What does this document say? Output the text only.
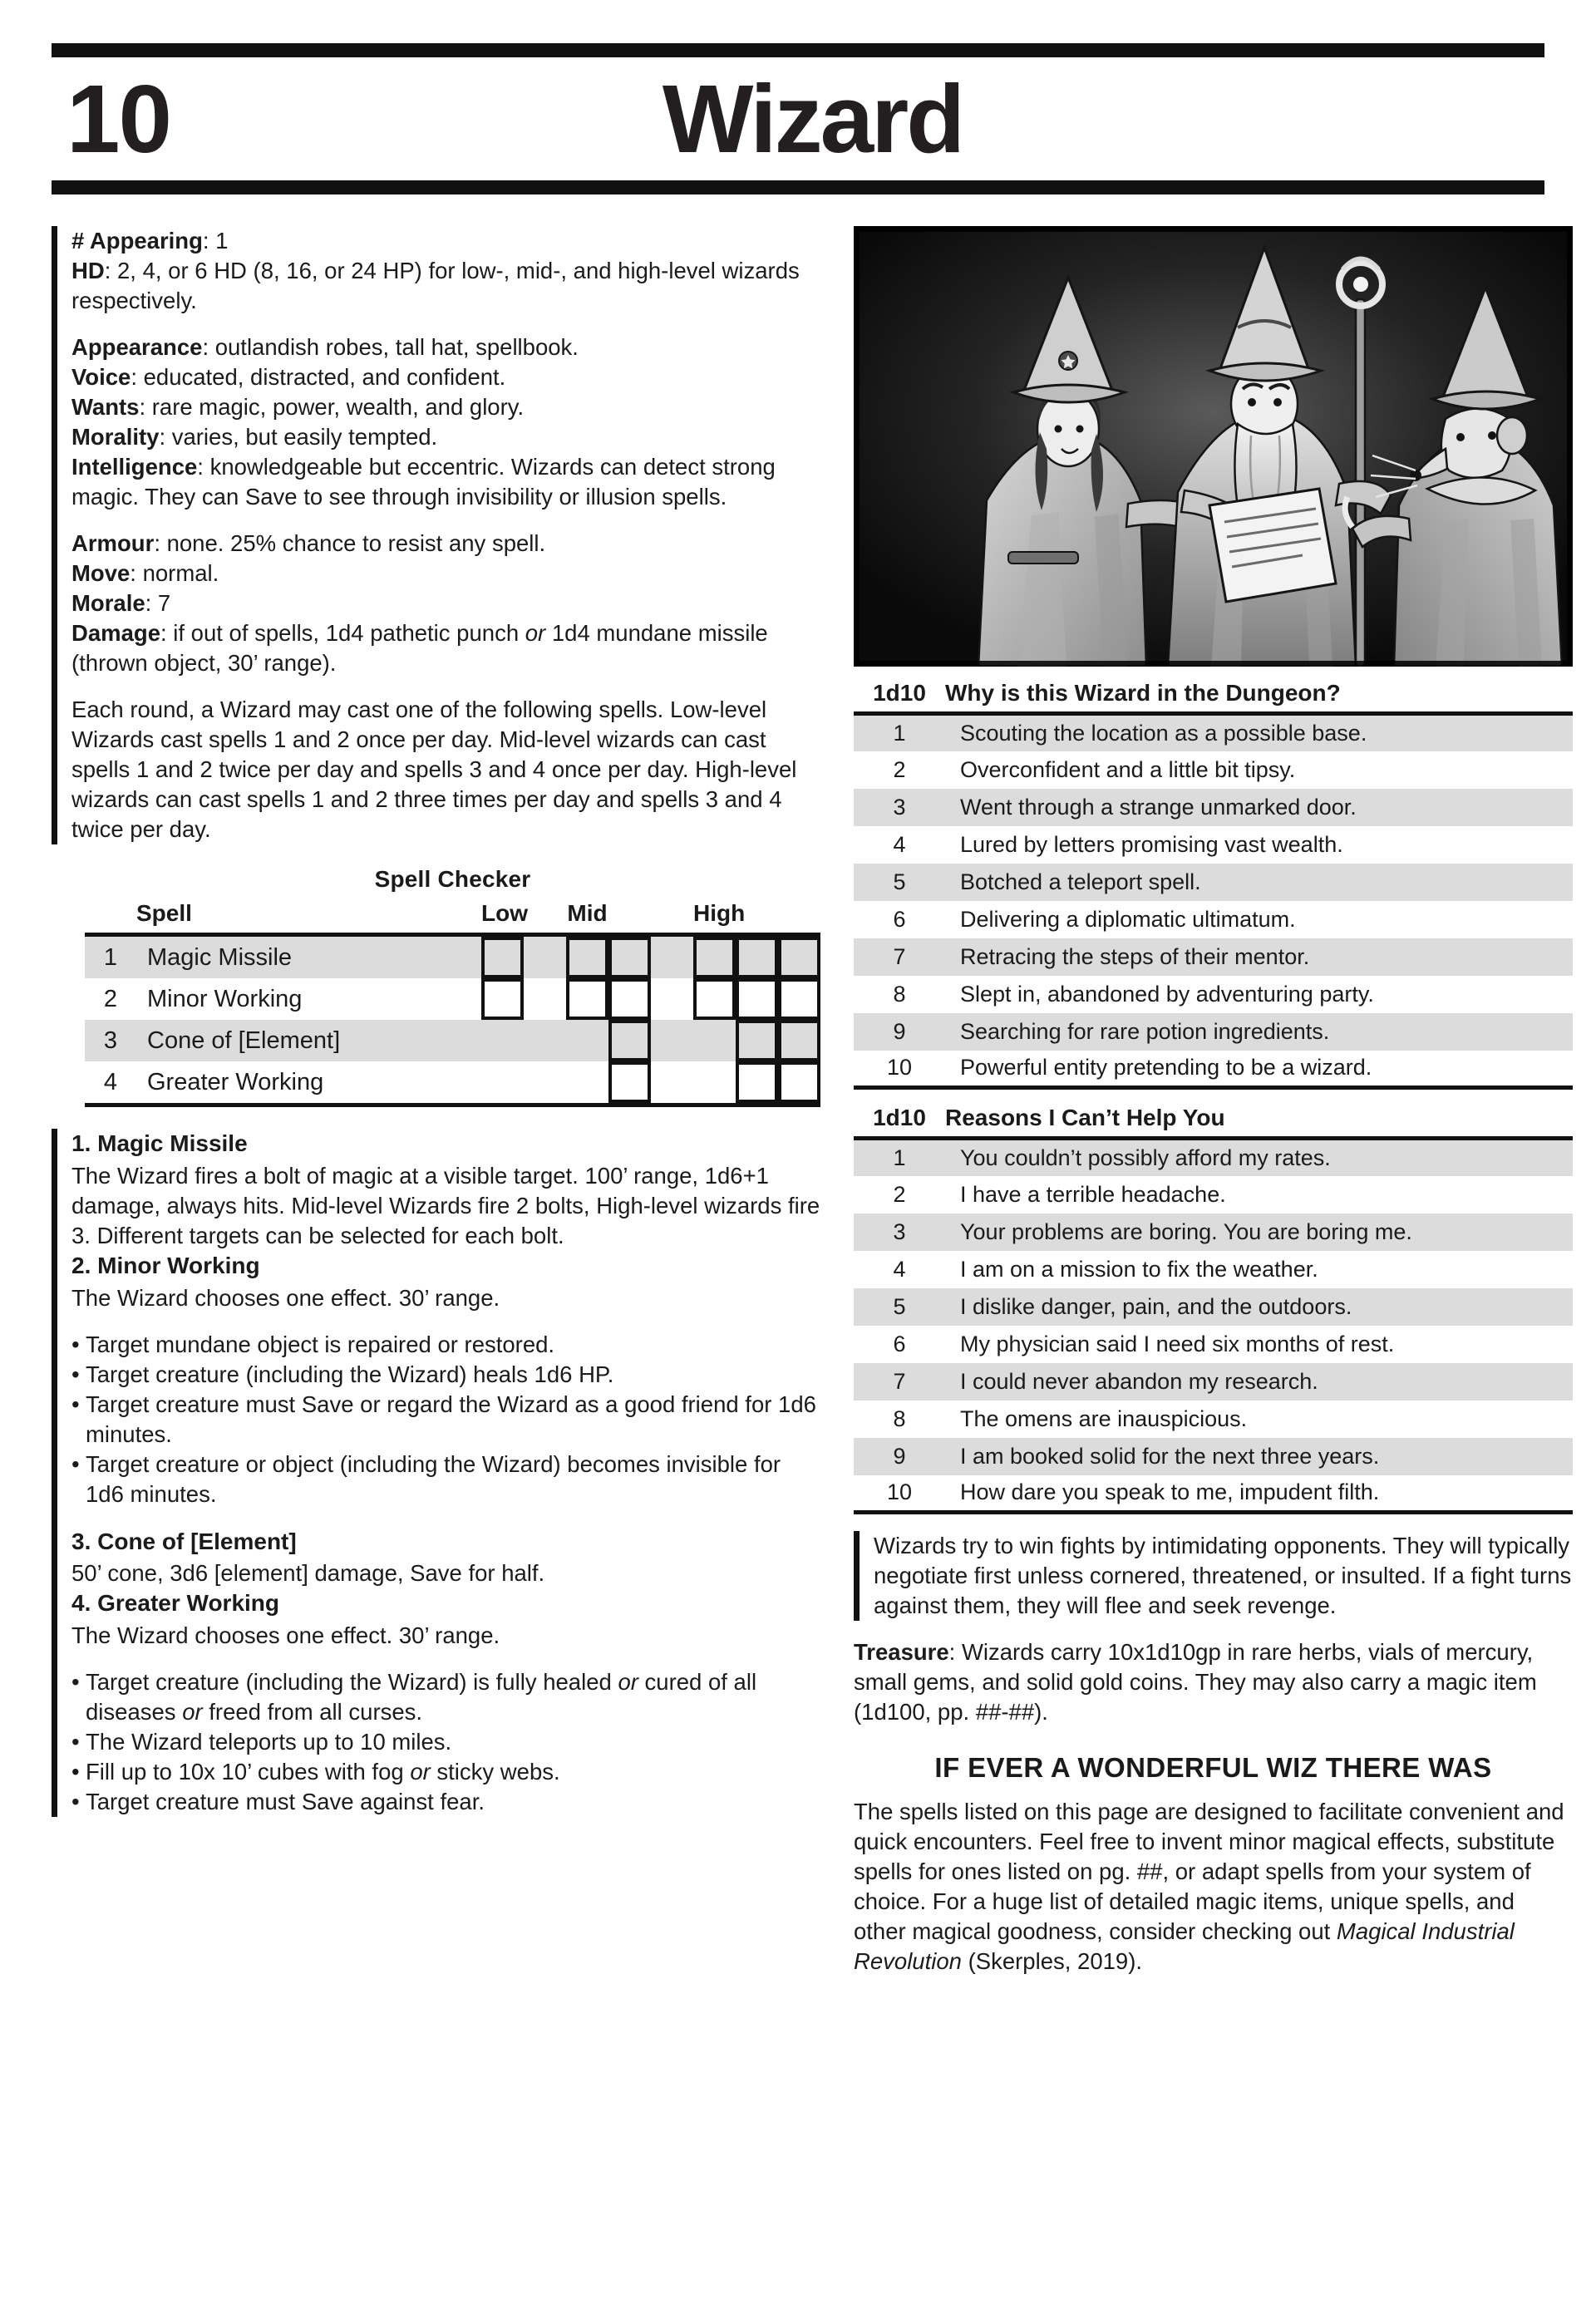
10	Wizard

# Appearing: 1
HD: 2, 4, or 6 HD (8, 16, or 24 HP) for low-, mid-, and high-level wizards respectively.

Appearance: outlandish robes, tall hat, spellbook.
Voice: educated, distracted, and confident.
Wants: rare magic, power, wealth, and glory.
Morality: varies, but easily tempted.
Intelligence: knowledgeable but eccentric. Wizards can detect strong magic. They can Save to see through invisibility or illusion spells.

Armour: none. 25% chance to resist any spell.
Move: normal.
Morale: 7
Damage: if out of spells, 1d4 pathetic punch or 1d4 mundane missile (thrown object, 30’ range).

Each round, a Wizard may cast one of the following spells. Low-level Wizards cast spells 1 and 2 once per day. Mid-level wizards can cast spells 1 and 2 twice per day and spells 3 and 4 once per day. High-level wizards can cast spells 1 and 2 three times per day and spells 3 and 4 twice per day.

Spell Checker
	Spell	Low		Mid			High		
1	Magic Missile	

2	Minor Working	

3	Cone of [Element]	

4	Greater Working	

1. Magic Missile

The Wizard fires a bolt of magic at a visible target. 100’ range, 1d6+1 damage, always hits. Mid-level Wizards fire 2 bolts, High-level wizards fire 3. Different targets can be selected for each bolt.

2. Minor Working

The Wizard chooses one effect. 30’ range.

• Target mundane object is repaired or restored.
• Target creature (including the Wizard) heals 1d6 HP.
• Target creature must Save or regard the Wizard as a good friend for 1d6 minutes.
• Target creature or object (including the Wizard) becomes invisible for 1d6 minutes.
3. Cone of [Element]

50’ cone, 3d6 [element] damage, Save for half.

4. Greater Working

The Wizard chooses one effect. 30’ range.

• Target creature (including the Wizard) is fully healed or cured of all diseases or freed from all curses.
• The Wizard teleports up to 10 miles.
• Fill up to 10x 10’ cubes with fog or sticky webs.
• Target creature must Save against fear.
1d10	Why is this Wizard in the Dungeon?
1	Scouting the location as a possible base.
2	Overconfident and a little bit tipsy.
3	Went through a strange unmarked door.
4	Lured by letters promising vast wealth.
5	Botched a teleport spell.
6	Delivering a diplomatic ultimatum.
7	Retracing the steps of their mentor.
8	Slept in, abandoned by adventuring party.
9	Searching for rare potion ingredients.
10	Powerful entity pretending to be a wizard.
1d10	Reasons I Can’t Help You
1	You couldn’t possibly afford my rates.
2	I have a terrible headache.
3	Your problems are boring. You are boring me.
4	I am on a mission to fix the weather.
5	I dislike danger, pain, and the outdoors.
6	My physician said I need six months of rest.
7	I could never abandon my research.
8	The omens are inauspicious.
9	I am booked solid for the next three years.
10	How dare you speak to me, impudent filth.

Wizards try to win fights by intimidating opponents. They will typically negotiate first unless cornered, threatened, or insulted. If a fight turns against them, they will flee and seek revenge.

Treasure: Wizards carry 10x1d10gp in rare herbs, vials of mercury, small gems, and solid gold coins. They may also carry a magic item (1d100, pp. ##-##).

IF EVER A WONDERFUL WIZ THERE WAS

The spells listed on this page are designed to facilitate convenient and quick encounters. Feel free to invent minor magical effects, substitute spells for ones listed on pg. ##, or adapt spells from your system of choice. For a huge list of detailed magic items, unique spells, and other magical goodness, consider checking out Magical Industrial Revolution (Skerples, 2019).
